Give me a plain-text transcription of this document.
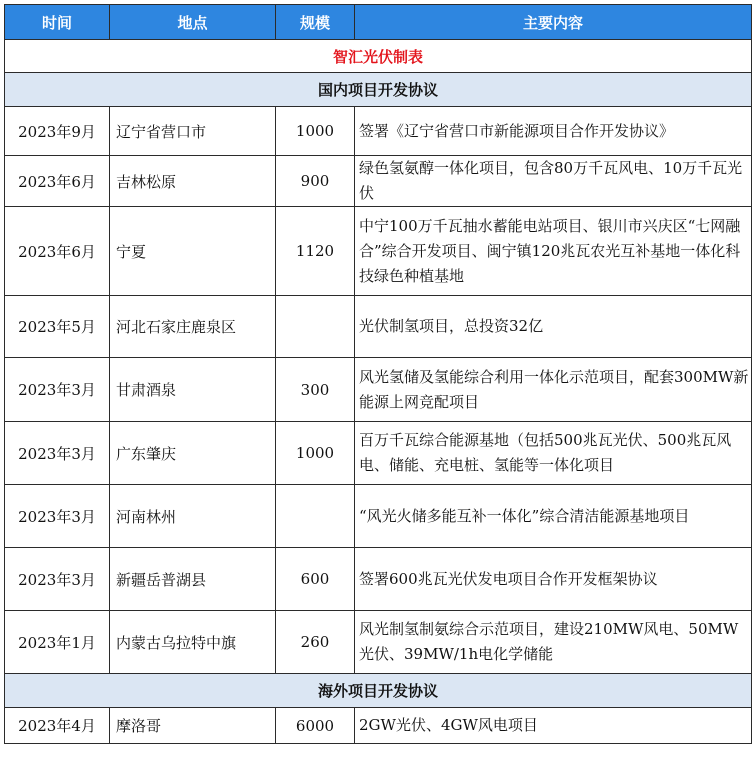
时间	地点	规模	主要内容
智汇光伏制表			
国内项目开发协议			
2023年9月	辽宁省营口市	1000	签署《辽宁省营口市新能源项目合作开发协议》
2023年6月	吉林松原	900	绿色氢氨醇一体化项目，包含80万千瓦风电、10万千瓦光伏
2023年6月	宁夏	1120	中宁100万千瓦抽水蓄能电站项目、银川市兴庆区“七网融合”综合开发项目、闽宁镇120兆瓦农光互补基地一体化科技绿色种植基地
2023年5月	河北石家庄鹿泉区		光伏制氢项目，总投资32亿
2023年3月	甘肃酒泉	300	风光氢储及氢能综合利用一体化示范项目，配套300MW新能源上网竞配项目
2023年3月	广东肇庆	1000	百万千瓦综合能源基地（包括500兆瓦光伏、500兆瓦风电、储能、充电桩、氢能等一体化项目
2023年3月	河南林州		“风光火储多能互补一体化”综合清洁能源基地项目
2023年3月	新疆岳普湖县	600	签署600兆瓦光伏发电项目合作开发框架协议
2023年1月	内蒙古乌拉特中旗	260	风光制氢制氨综合示范项目，建设210MW风电、50MW光伏、39MW/1h电化学储能
海外项目开发协议			
2023年4月	摩洛哥	6000	2GW光伏、4GW风电项目
